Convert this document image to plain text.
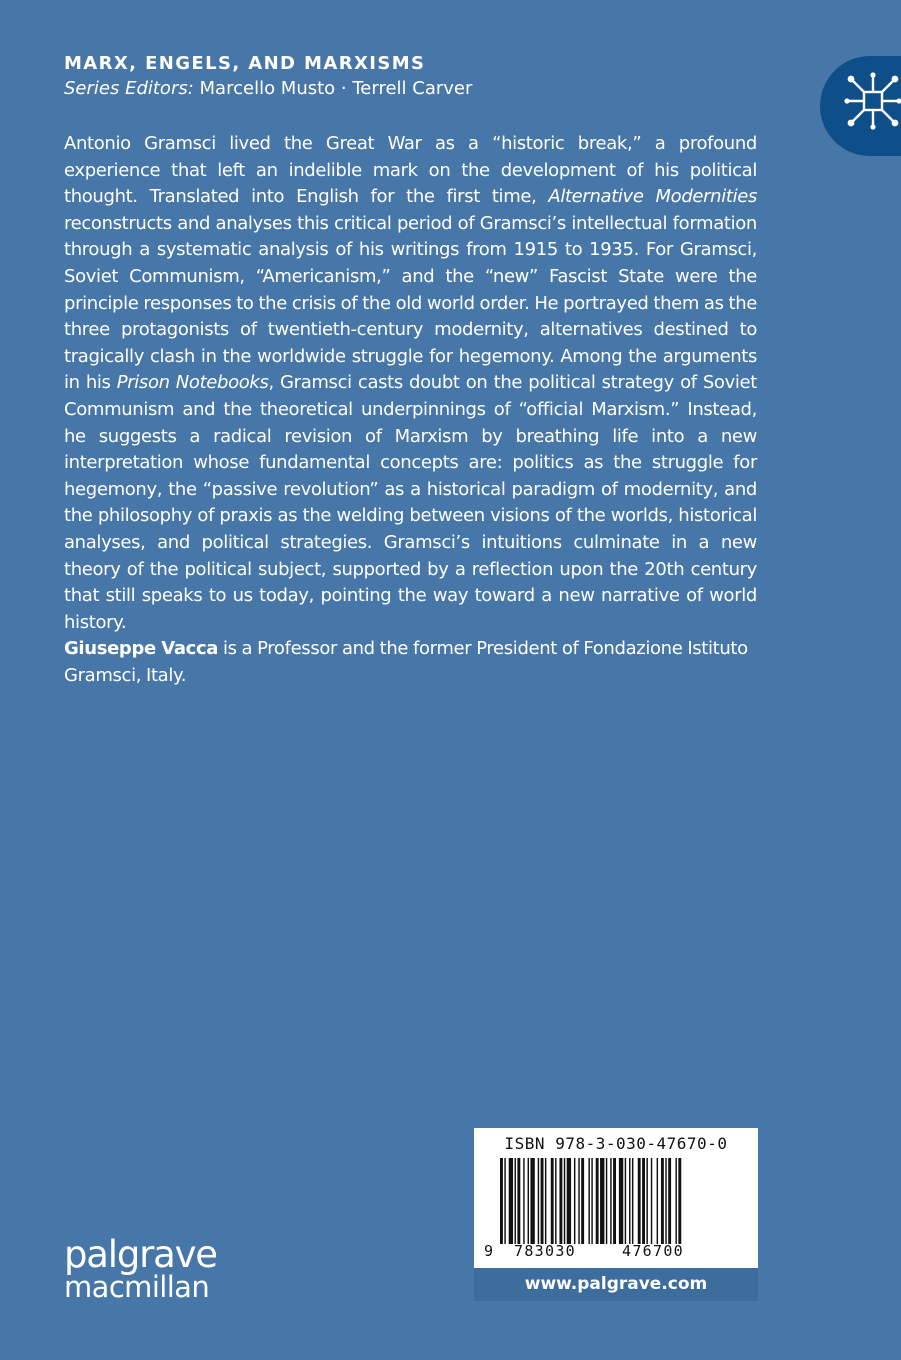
MARX, ENGELS, AND MARXISMS
Series Editors: Marcello Musto · Terrell Carver

Antonio Gramsci lived the Great War as a “historic break,” a profound experience that left an indelible mark on the development of his political thought. Translated into English for the first time, Alternative Modernities reconstructs and analyses this critical period of Gramsci’s intellectual formation through a systematic analysis of his writings from 1915 to 1935. For Gramsci, Soviet Communism, “Americanism,” and the “new” Fascist State were the principle responses to the crisis of the old world order. He portrayed them as the three protagonists of twentieth-century modernity, alternatives destined to tragically clash in the worldwide struggle for hegemony. Among the arguments in his Prison Notebooks, Gramsci casts doubt on the political strategy of Soviet Communism and the theoretical underpinnings of “official Marxism.” Instead, he suggests a radical revision of Marxism by breathing life into a new interpretation whose fundamental concepts are: politics as the struggle for hegemony, the “passive revolution” as a historical paradigm of modernity, and the philosophy of praxis as the welding between visions of the worlds, historical analyses, and political strategies. Gramsci’s intuitions culminate in a new theory of the political subject, supported by a reflection upon the 20th century that still speaks to us today, pointing the way toward a new narrative of world history.

Giuseppe Vacca is a Professor and the former President of Fondazione Istituto Gramsci, Italy.

palgrave
macmillan
ISBN 978-3-030-47670-0
9 783030	476700
www.palgrave.com
